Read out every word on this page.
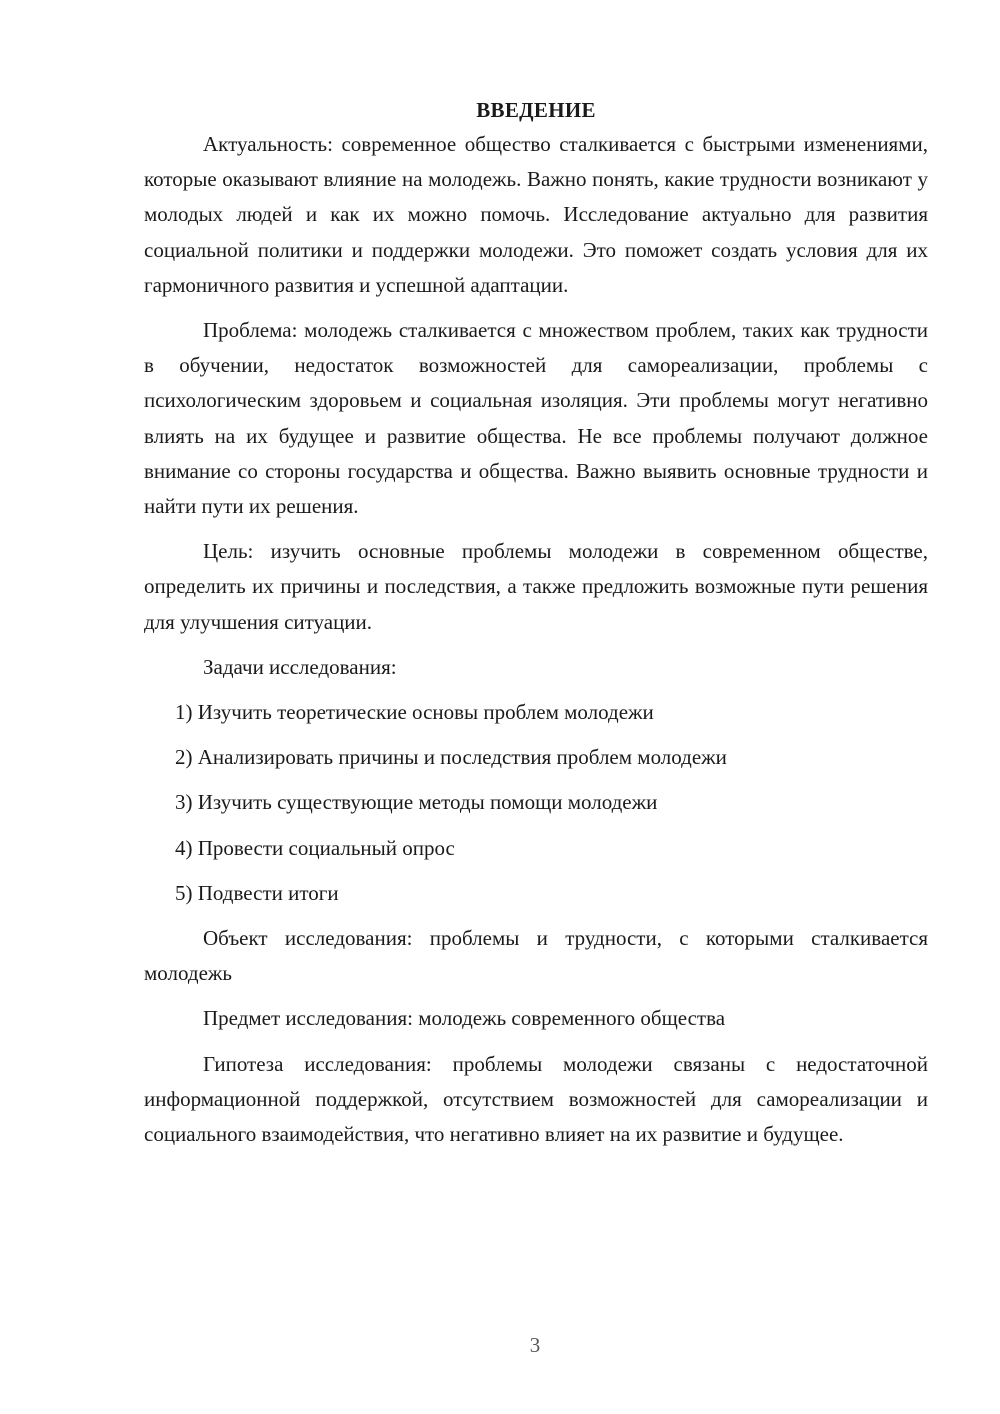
ВВЕДЕНИЕ

Актуальность: современное общество сталкивается с быстрыми изменениями, которые оказывают влияние на молодежь. Важно понять, какие трудности возникают у молодых людей и как их можно помочь. Исследование актуально для развития социальной политики и поддержки молодежи. Это поможет создать условия для их гармоничного развития и успешной адаптации.

Проблема: молодежь сталкивается с множеством проблем, таких как трудности в обучении, недостаток возможностей для самореализации, проблемы с психологическим здоровьем и социальная изоляция. Эти проблемы могут негативно влиять на их будущее и развитие общества. Не все проблемы получают должное внимание со стороны государства и общества. Важно выявить основные трудности и найти пути их решения.

Цель: изучить основные проблемы молодежи в современном обществе, определить их причины и последствия, а также предложить возможные пути решения для улучшения ситуации.

Задачи исследования:

1) Изучить теоретические основы проблем молодежи
2) Анализировать причины и последствия проблем молодежи
3) Изучить существующие методы помощи молодежи
4) Провести социальный опрос
5) Подвести итоги

Объект исследования: проблемы и трудности, с которыми сталкивается молодежь

Предмет исследования: молодежь современного общества

Гипотеза исследования: проблемы молодежи связаны с недостаточной информационной поддержкой, отсутствием возможностей для самореализации и социального взаимодействия, что негативно влияет на их развитие и будущее.

3
